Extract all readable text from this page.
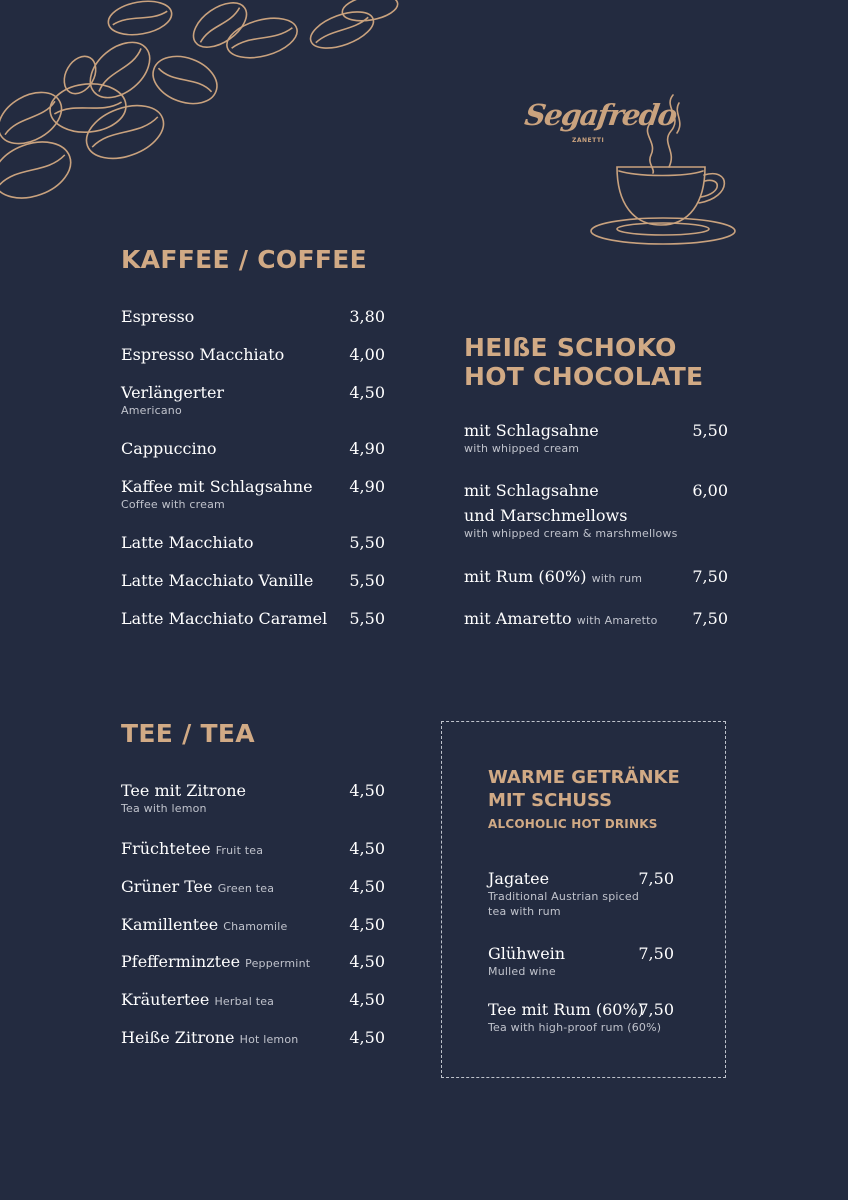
Segafredo
ZANETTI
KAFFEE / COFFEE
Espresso	3,80
Espresso Macchiato	4,00
Verlängerter
Americano
4,50
Cappuccino	4,90
Kaffee mit Schlagsahne
Coffee with cream
4,90
Latte Macchiato	5,50
Latte Macchiato Vanille 5,50
Latte Macchiato Caramel 5,50
HEIßE SCHOKO
HOT CHOCOLATE
mit Schlagsahne
with whipped cream
5,50
mit Schlagsahne
und Marschmellows
with whipped cream & marshmellows
6,00
mit Rum (60%) with rum	7,50
mit Amaretto with Amaretto 7,50
TEE / TEA
Tee mit Zitrone
Tea with lemon
4,50
Früchtetee Fruit tea	4,50
Grüner Tee Green tea	4,50
Kamillentee Chamomile	4,50
Pfefferminztee Peppermint 4,50
Kräutertee Herbal tea	4,50
Heiße Zitrone Hot lemon	4,50
WARME GETRÄNKE
MIT SCHUSS
ALCOHOLIC HOT DRINKS
Jagatee
Traditional Austrian spiced
tea with rum
7,50
Glühwein
Mulled wine
7,50
Tee mit Rum (60%)
Tea with high-proof rum (60%)
7,50
